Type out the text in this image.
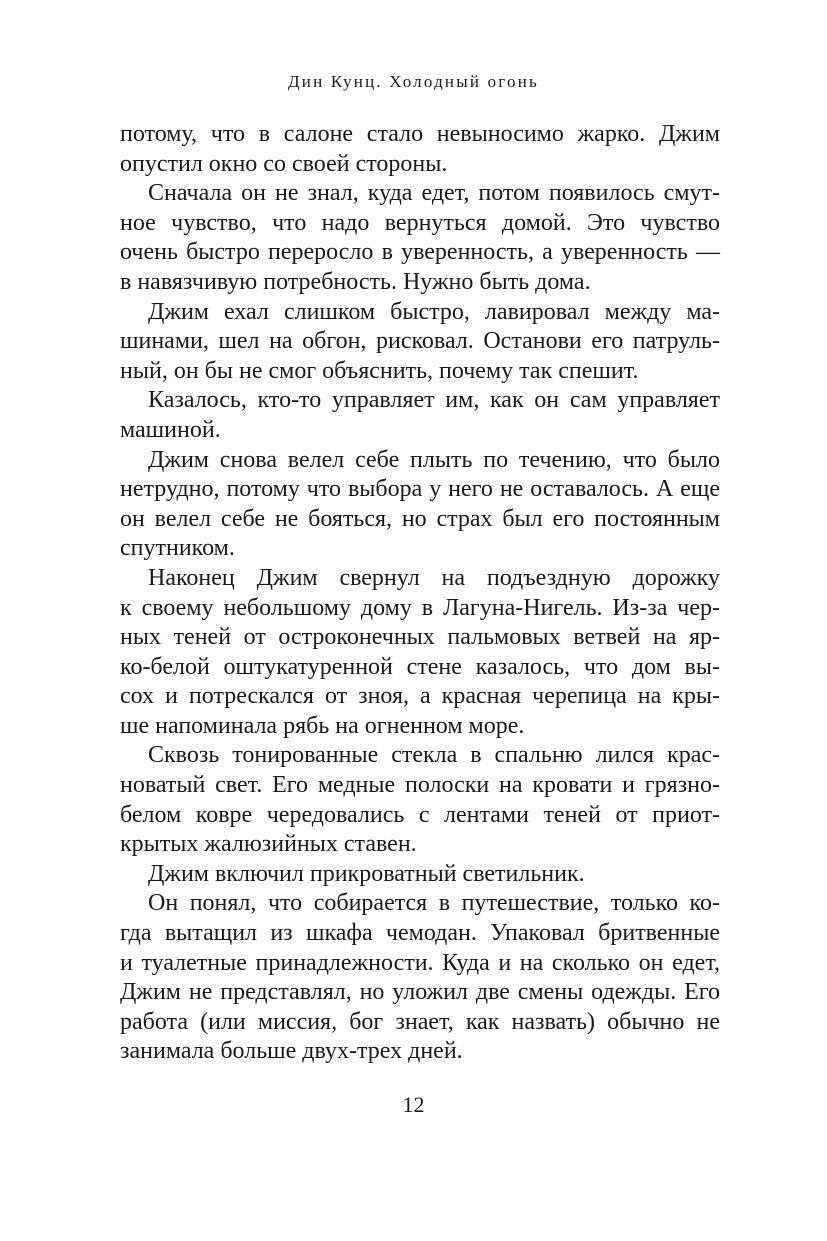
Дин Кунц. Холодный огонь
потому, что в салоне стало невыносимо жарко. Джим
опустил окно со своей стороны.
Сначала он не знал, куда едет, потом появилось смут-
ное чувство, что надо вернуться домой. Это чувство
очень быстро переросло в уверенность, а уверенность —
в навязчивую потребность. Нужно быть дома.
Джим ехал слишком быстро, лавировал между ма-
шинами, шел на обгон, рисковал. Останови его патруль-
ный, он бы не смог объяснить, почему так спешит.
Казалось, кто-то управляет им, как он сам управляет
машиной.
Джим снова велел себе плыть по течению, что было
нетрудно, потому что выбора у него не оставалось. А еще
он велел себе не бояться, но страх был его постоянным
спутником.
Наконец Джим свернул на подъездную дорожку
к своему небольшому дому в Лагуна-Нигель. Из-за чер-
ных теней от остроконечных пальмовых ветвей на яр-
ко-белой оштукатуренной стене казалось, что дом вы-
сох и потрескался от зноя, а красная черепица на кры-
ше напоминала рябь на огненном море.
Сквозь тонированные стекла в спальню лился крас-
новатый свет. Его медные полоски на кровати и грязно-
белом ковре чередовались с лентами теней от приот-
крытых жалюзийных ставен.
Джим включил прикроватный светильник.
Он понял, что собирается в путешествие, только ко-
гда вытащил из шкафа чемодан. Упаковал бритвенные
и туалетные принадлежности. Куда и на сколько он едет,
Джим не представлял, но уложил две смены одежды. Его
работа (или миссия, бог знает, как назвать) обычно не
занимала больше двух-трех дней.
12
